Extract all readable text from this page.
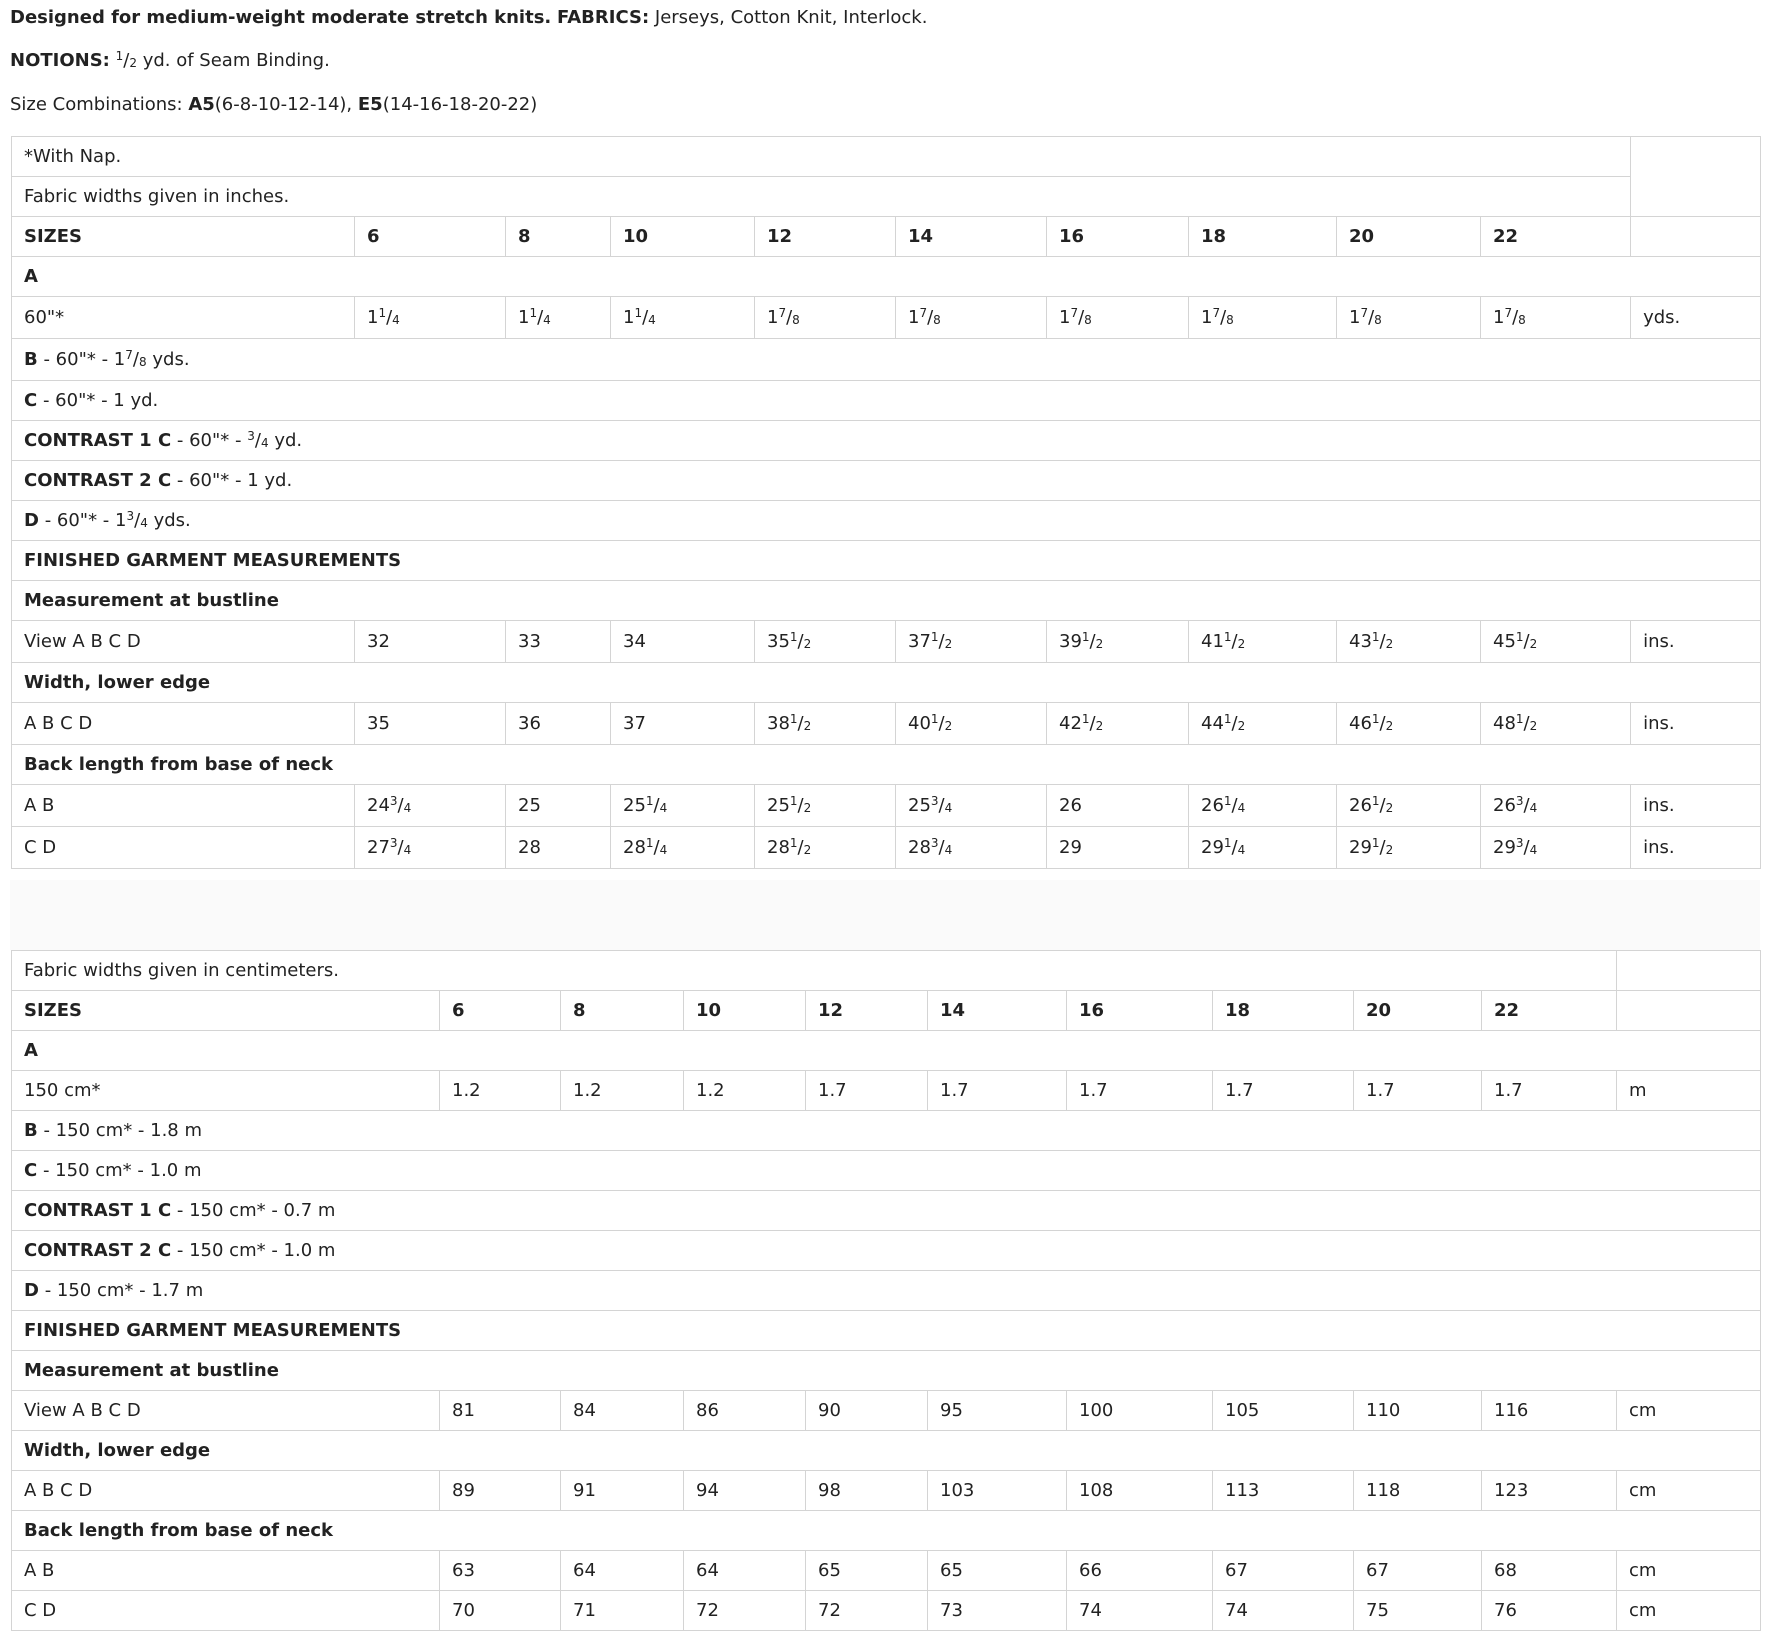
Designed for medium-weight moderate stretch knits. FABRICS: Jerseys, Cotton Knit, Interlock.
NOTIONS: $^1/_2$ yd. of Seam Binding.
Size Combinations: A5(6-8-10-12-14), E5(14-16-18-20-22)
*With Nap.										
Fabric widths given in inches.										
SIZES	6	8	10	12	14	16	18	20	22	
A										
60"*	$1^1/_4$	$1^1/_4$	$1^1/_4$	$1^7/_8$	$1^7/_8$	$1^7/_8$	$1^7/_8$	$1^7/_8$	$1^7/_8$	yds.
B - 60"* - $1^7/_8$ yds.										
C - 60"* - 1 yd.										
CONTRAST 1 C - 60"* - $^3/_4$ yd.										
CONTRAST 2 C - 60"* - 1 yd.										
D - 60"* - $1^3/_4$ yds.										
FINISHED GARMENT MEASUREMENTS										
Measurement at bustline										
View A B C D	32	33	34	$35^1/_2$	$37^1/_2$	$39^1/_2$	$41^1/_2$	$43^1/_2$	$45^1/_2$	ins.
Width, lower edge										
A B C D	35	36	37	$38^1/_2$	$40^1/_2$	$42^1/_2$	$44^1/_2$	$46^1/_2$	$48^1/_2$	ins.
Back length from base of neck										
A B	$24^3/_4$	25	$25^1/_4$	$25^1/_2$	$25^3/_4$	26	$26^1/_4$	$26^1/_2$	$26^3/_4$	ins.
C D	$27^3/_4$	28	$28^1/_4$	$28^1/_2$	$28^3/_4$	29	$29^1/_4$	$29^1/_2$	$29^3/_4$	ins.
Fabric widths given in centimeters.										
SIZES	6	8	10	12	14	16	18	20	22	
A										
150 cm*	1.2	1.2	1.2	1.7	1.7	1.7	1.7	1.7	1.7	m
B - 150 cm* - 1.8 m										
C - 150 cm* - 1.0 m										
CONTRAST 1 C - 150 cm* - 0.7 m										
CONTRAST 2 C - 150 cm* - 1.0 m										
D - 150 cm* - 1.7 m										
FINISHED GARMENT MEASUREMENTS										
Measurement at bustline										
View A B C D	81	84	86	90	95	100	105	110	116	cm
Width, lower edge										
A B C D	89	91	94	98	103	108	113	118	123	cm
Back length from base of neck										
A B	63	64	64	65	65	66	67	67	68	cm
C D	70	71	72	72	73	74	74	75	76	cm
